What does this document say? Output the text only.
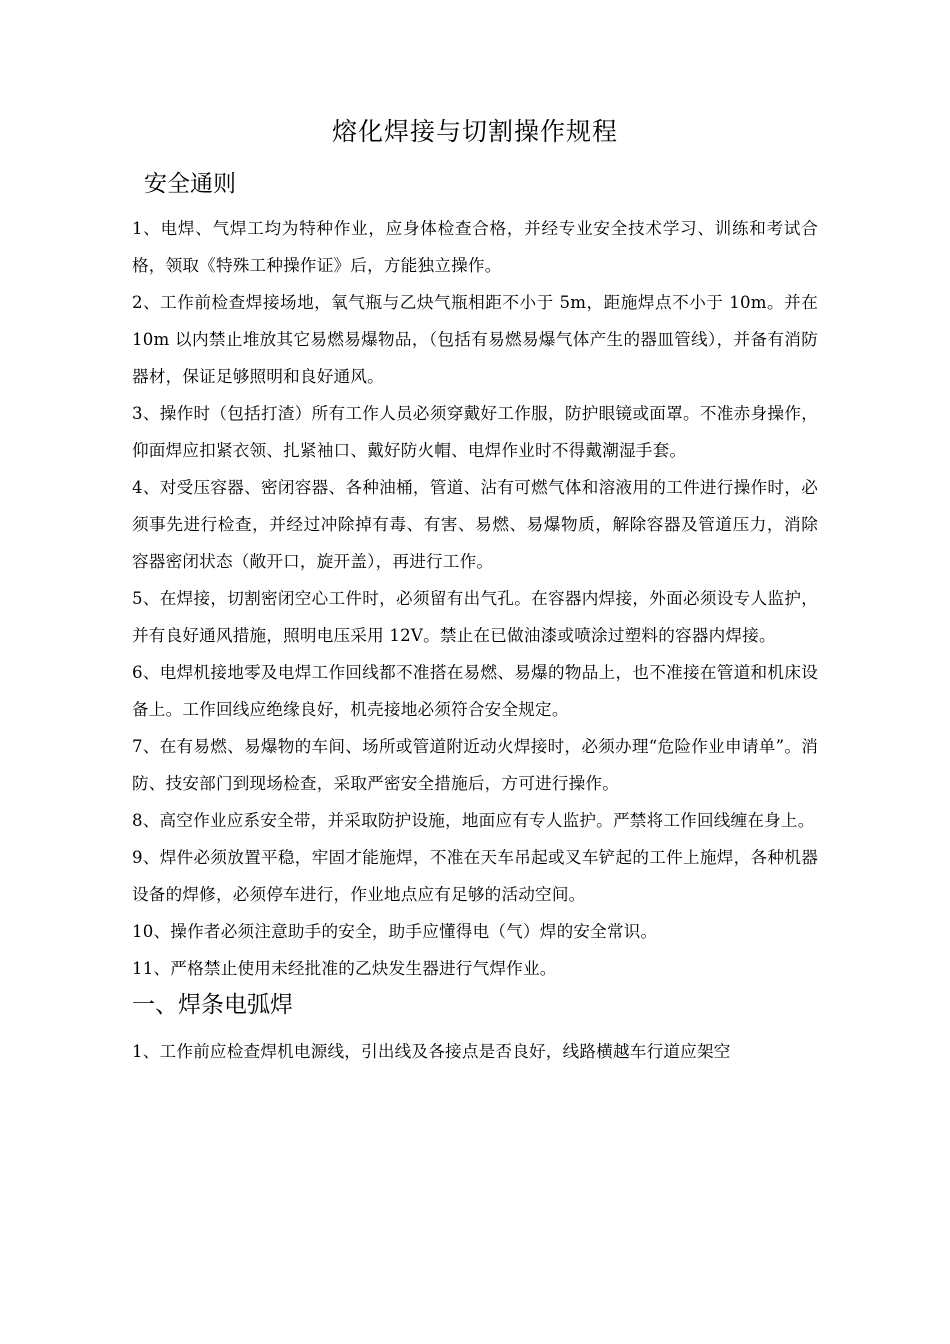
熔化焊接与切割操作规程
安全通则

1、电焊、气焊工均为特种作业，应身体检查合格，并经专业安全技术学习、训练和考试合格，领取《特殊工种操作证》后，方能独立操作。

2、工作前检查焊接场地，氧气瓶与乙炔气瓶相距不小于 5m，距施焊点不小于 10m。并在 10m 以内禁止堆放其它易燃易爆物品，（包括有易燃易爆气体产生的器皿管线），并备有消防器材，保证足够照明和良好通风。

3、操作时（包括打渣）所有工作人员必须穿戴好工作服，防护眼镜或面罩。不准赤身操作，仰面焊应扣紧衣领、扎紧袖口、戴好防火帽、电焊作业时不得戴潮湿手套。

4、对受压容器、密闭容器、各种油桶，管道、沾有可燃气体和溶液用的工件进行操作时，必须事先进行检查，并经过冲除掉有毒、有害、易燃、易爆物质，解除容器及管道压力，消除容器密闭状态（敞开口，旋开盖），再进行工作。

5、在焊接，切割密闭空心工件时，必须留有出气孔。在容器内焊接，外面必须设专人监护，并有良好通风措施，照明电压采用 12V。禁止在已做油漆或喷涂过塑料的容器内焊接。

6、电焊机接地零及电焊工作回线都不准搭在易燃、易爆的物品上，也不准接在管道和机床设备上。工作回线应绝缘良好，机壳接地必须符合安全规定。

7、在有易燃、易爆物的车间、场所或管道附近动火焊接时，必须办理“危险作业申请单”。消防、技安部门到现场检查，采取严密安全措施后，方可进行操作。

8、高空作业应系安全带，并采取防护设施，地面应有专人监护。严禁将工作回线缠在身上。

9、焊件必须放置平稳，牢固才能施焊，不准在天车吊起或叉车铲起的工件上施焊，各种机器设备的焊修，必须停车进行，作业地点应有足够的活动空间。

10、操作者必须注意助手的安全，助手应懂得电（气）焊的安全常识。

11、严格禁止使用未经批准的乙炔发生器进行气焊作业。

一、焊条电弧焊

1、工作前应检查焊机电源线，引出线及各接点是否良好，线路横越车行道应架空
